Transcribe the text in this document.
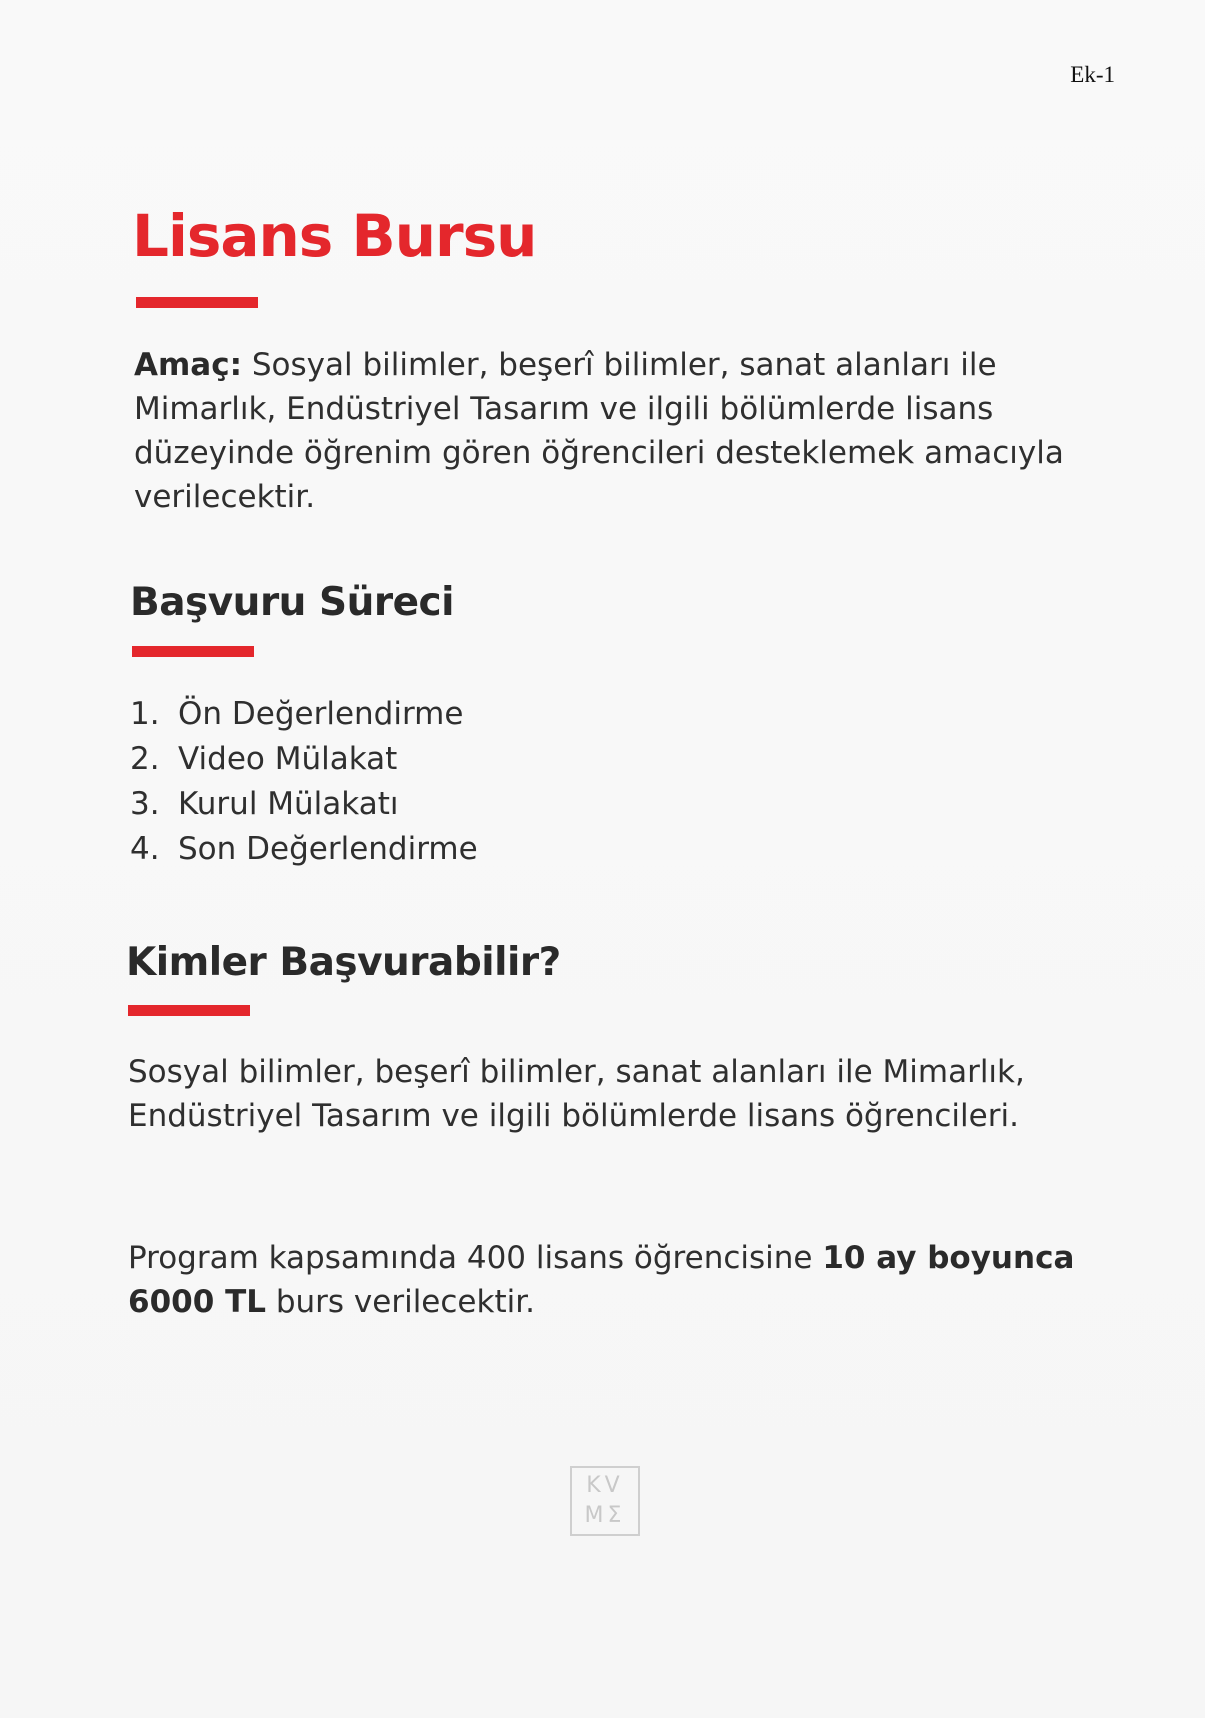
Ek-1
Lisans Bursu

Amaç: Sosyal bilimler, beşerî bilimler, sanat alanları ile Mimarlık, Endüstriyel Tasarım ve ilgili bölümlerde lisans düzeyinde öğrenim gören öğrencileri desteklemek amacıyla verilecektir.

Başvuru Süreci
1. Ön Değerlendirme
2. Video Mülakat
3. Kurul Mülakatı
4. Son Değerlendirme
Kimler Başvurabilir?

Sosyal bilimler, beşerî bilimler, sanat alanları ile Mimarlık, Endüstriyel Tasarım ve ilgili bölümlerde lisans öğrencileri.

Program kapsamında 400 lisans öğrencisine 10 ay boyunca 6000 TL burs verilecektir.

KV
MΣ
